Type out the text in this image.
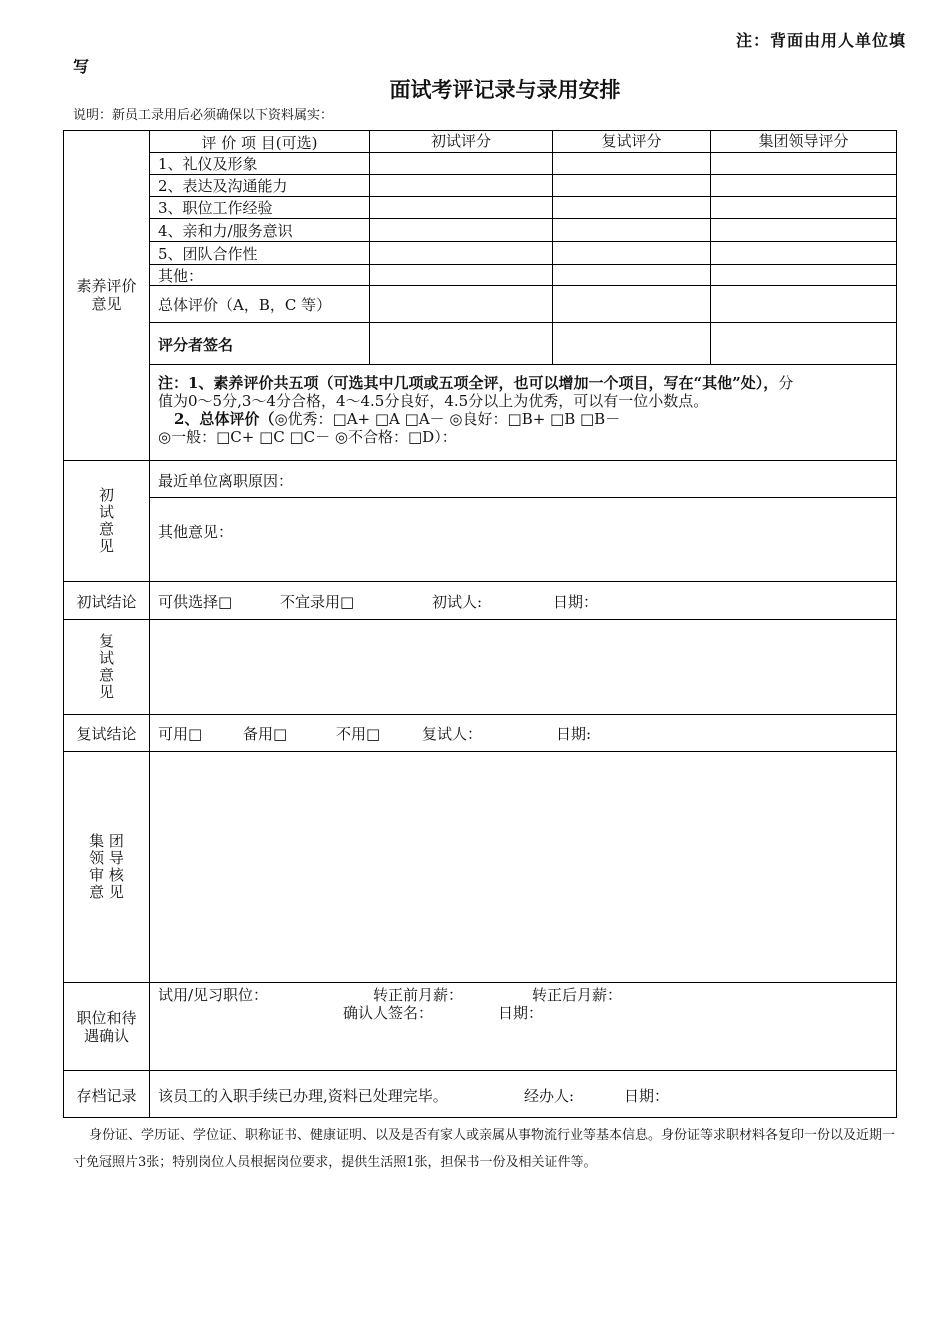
注：背面由用人单位填
写
面试考评记录与录用安排
说明：新员工录用后必须确保以下资料属实：
素养评价
意见
评 价 项 目(可选)	初试评分	复试评分	集团领导评分
1、礼仪及形象
2、表达及沟通能力
3、职位工作经验
4、亲和力/服务意识
5、团队合作性
其他：
总体评价（A，B，C 等）
评分者签名
注：1、素养评价共五项（可选其中几项或五项全评，也可以增加一个项目，写在“其他”处），分
值为0～5分,3～4分合格，4～4.5分良好，4.5分以上为优秀，可以有一位小数点。
2、总体评价（◎优秀：□A+ □A □A－ ◎良好：□B+ □B □B－
◎一般：□C+ □C □C－ ◎不合格：□D）：
初
试
意
见
最近单位离职原因：
其他意见：
初试结论	可供选择□	不宜录用□	初试人:	日期：
复
试
意
见
复试结论	可用□	备用□	不用□	复试人：	日期:
集 团
领 导
审 核
意 见
职位和待
遇确认
试用/见习职位：	转正前月薪：	转正后月薪：
确认人签名：	日期：
存档记录	该员工的入职手续已办理,资料已处理完毕。	经办人:	日期：
身份证、学历证、学位证、职称证书、健康证明、以及是否有家人或亲属从事物流行业等基本信息。身份证等求职材料各复印一份以及近期一寸免冠照片3张；特别岗位人员根据岗位要求，提供生活照1张，担保书一份及相关证件等。
